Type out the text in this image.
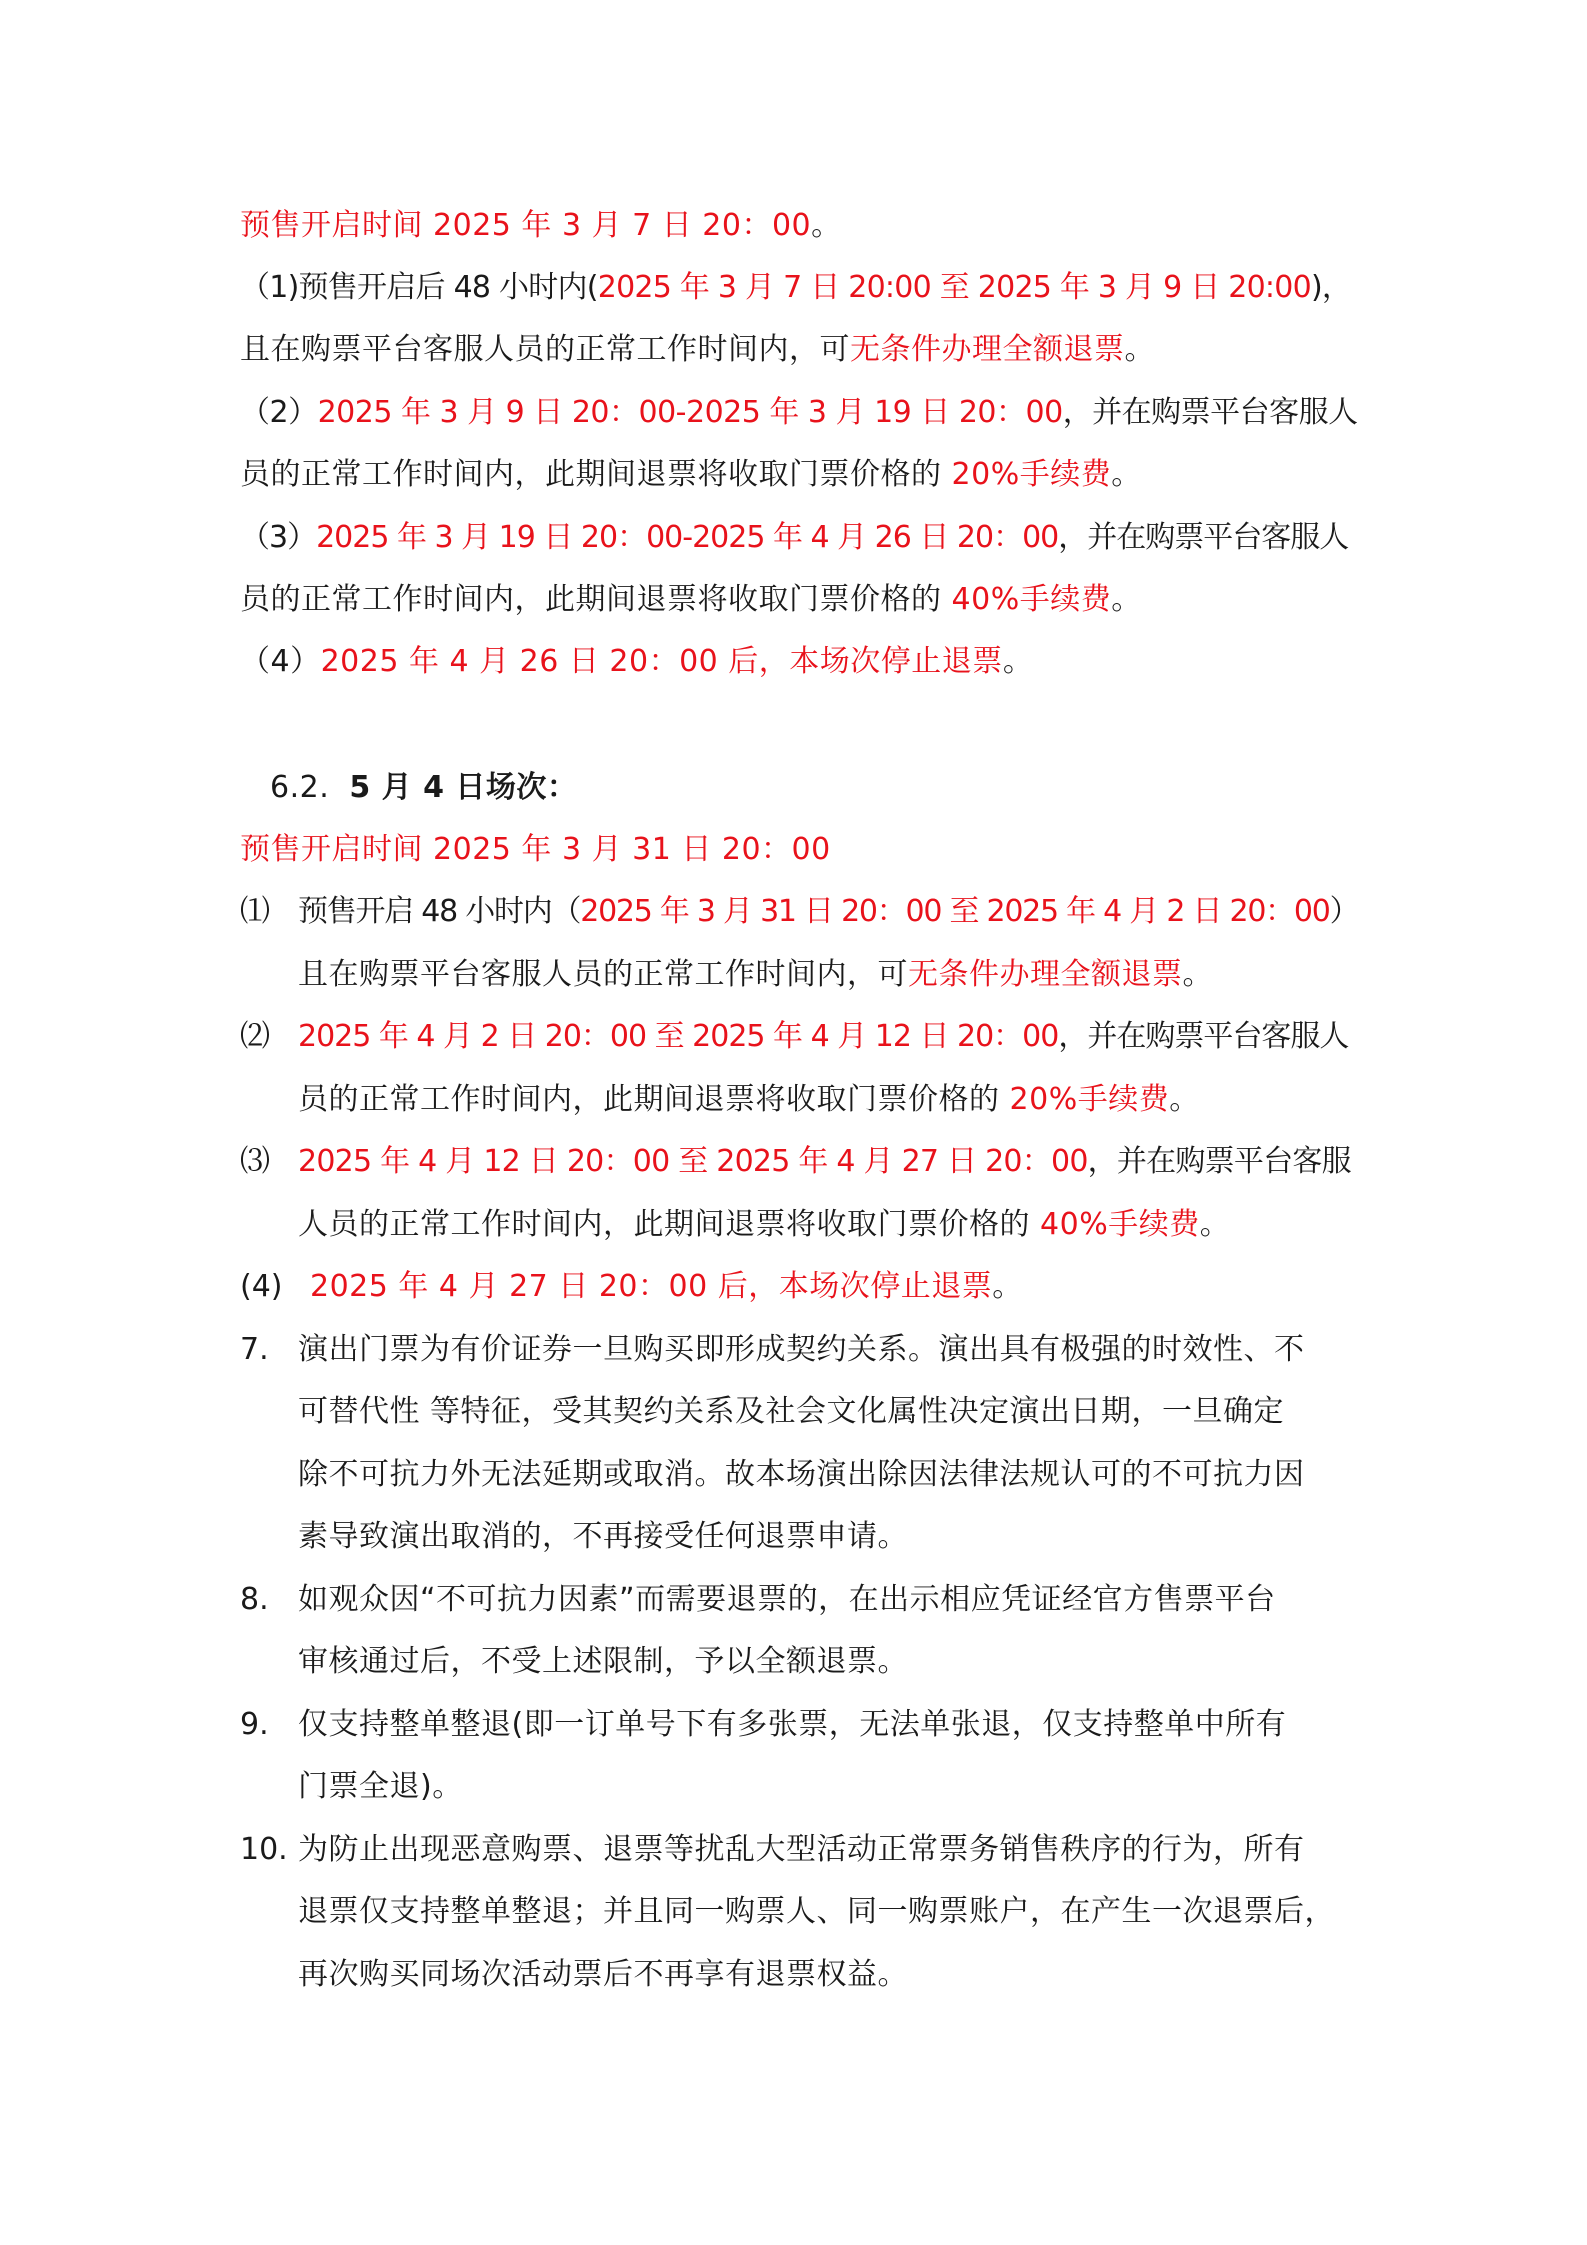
预售开启时间 2025 年 3 月 7 日 20：00。
（1)预售开启后 48 小时内(2025 年 3 月 7 日 20:00 至 2025 年 3 月 9 日 20:00)，
且在购票平台客服人员的正常工作时间内，可无条件办理全额退票。
（2）2025 年 3 月 9 日 20：00-2025 年 3 月 19 日 20：00，并在购票平台客服人
员的正常工作时间内，此期间退票将收取门票价格的 20%手续费。
（3）2025 年 3 月 19 日 20：00-2025 年 4 月 26 日 20：00，并在购票平台客服人
员的正常工作时间内，此期间退票将收取门票价格的 40%手续费。
（4）2025 年 4 月 26 日 20：00 后，本场次停止退票。
6.2. 5 月 4 日场次：
预售开启时间 2025 年 3 月 31 日 20：00
⑴ 预售开启 48 小时内（2025 年 3 月 31 日 20：00 至 2025 年 4 月 2 日 20：00）
且在购票平台客服人员的正常工作时间内，可无条件办理全额退票。
⑵ 2025 年 4 月 2 日 20：00 至 2025 年 4 月 12 日 20：00，并在购票平台客服人
员的正常工作时间内，此期间退票将收取门票价格的 20%手续费。
⑶ 2025 年 4 月 12 日 20：00 至 2025 年 4 月 27 日 20：00，并在购票平台客服
人员的正常工作时间内，此期间退票将收取门票价格的 40%手续费。
(4) 2025 年 4 月 27 日 20：00 后，本场次停止退票。
7. 演出门票为有价证券一旦购买即形成契约关系。演出具有极强的时效性、不
可替代性 等特征，受其契约关系及社会文化属性决定演出日期，一旦确定
除不可抗力外无法延期或取消。故本场演出除因法律法规认可的不可抗力因
素导致演出取消的，不再接受任何退票申请。
8. 如观众因“不可抗力因素”而需要退票的，在出示相应凭证经官方售票平台
审核通过后，不受上述限制，予以全额退票。
9. 仅支持整单整退(即一订单号下有多张票，无法单张退，仅支持整单中所有
门票全退)。
10. 为防止出现恶意购票、退票等扰乱大型活动正常票务销售秩序的行为，所有
退票仅支持整单整退；并且同一购票人、同一购票账户，在产生一次退票后，
再次购买同场次活动票后不再享有退票权益。
